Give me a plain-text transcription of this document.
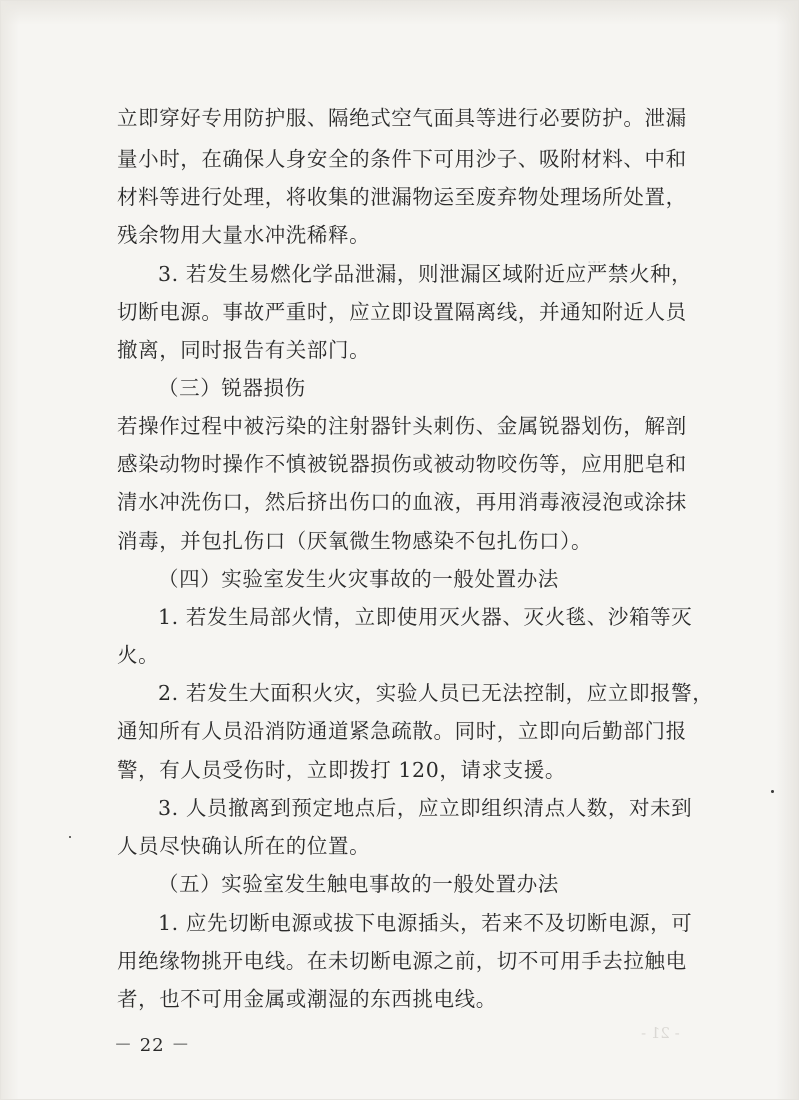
...
‑ 21 ‑
立即穿好专用防护服、隔绝式空气面具等进行必要防护。泄漏
量小时，在确保人身安全的条件下可用沙子、吸附材料、中和
材料等进行处理，将收集的泄漏物运至废弃物处理场所处置，
残余物用大量水冲洗稀释。
3. 若发生易燃化学品泄漏，则泄漏区域附近应严禁火种，
切断电源。事故严重时，应立即设置隔离线，并通知附近人员
撤离，同时报告有关部门。
（三）锐器损伤
若操作过程中被污染的注射器针头刺伤、金属锐器划伤，解剖
感染动物时操作不慎被锐器损伤或被动物咬伤等，应用肥皂和
清水冲洗伤口，然后挤出伤口的血液，再用消毒液浸泡或涂抹
消毒，并包扎伤口（厌氧微生物感染不包扎伤口）。
（四）实验室发生火灾事故的一般处置办法
1. 若发生局部火情，立即使用灭火器、灭火毯、沙箱等灭
火。
2. 若发生大面积火灾，实验人员已无法控制，应立即报警，
通知所有人员沿消防通道紧急疏散。同时，立即向后勤部门报
警，有人员受伤时，立即拨打 120，请求支援。
3. 人员撤离到预定地点后，应立即组织清点人数，对未到
人员尽快确认所在的位置。
（五）实验室发生触电事故的一般处置办法
1. 应先切断电源或拔下电源插头，若来不及切断电源，可
用绝缘物挑开电线。在未切断电源之前，切不可用手去拉触电
者，也不可用金属或潮湿的东西挑电线。
－ 22 －
